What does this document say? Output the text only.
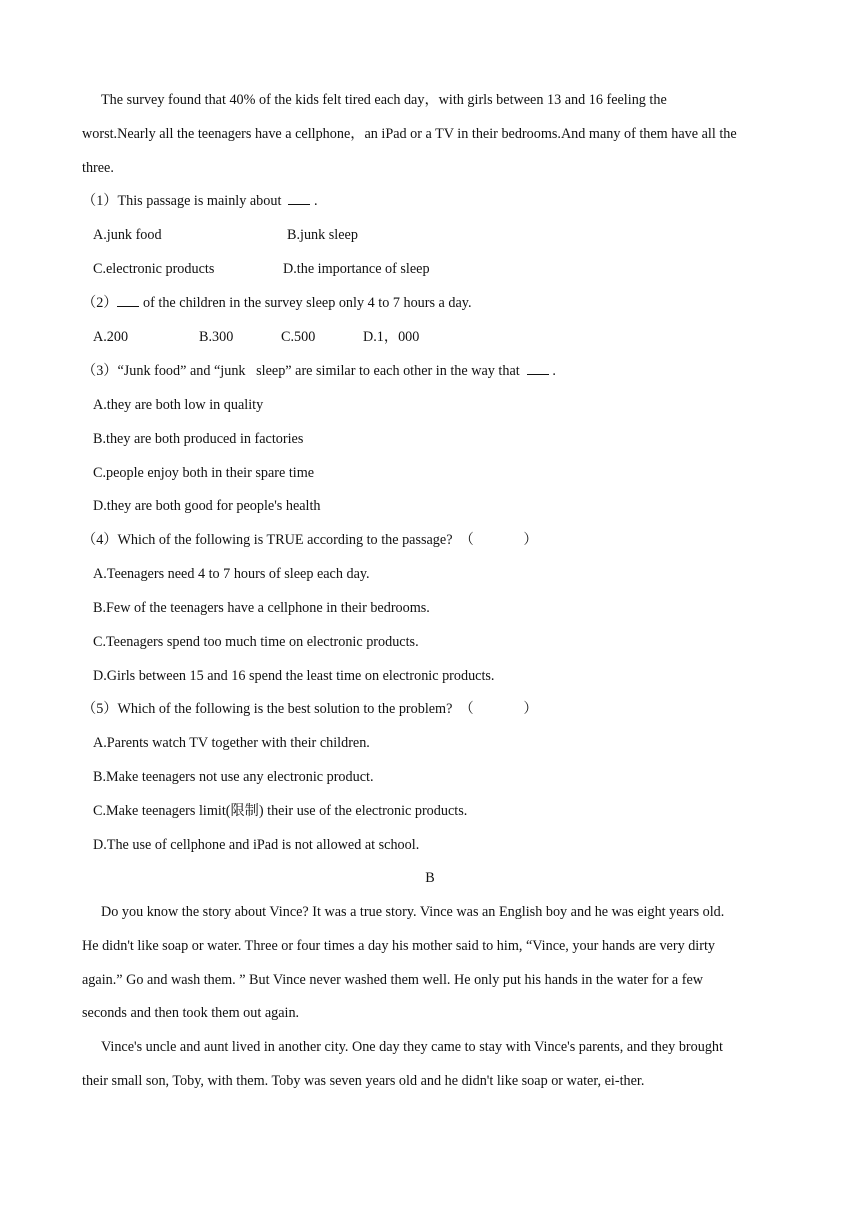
The survey found that 40% of the kids felt tired each day，with girls between 13 and 16 feeling the
worst.Nearly all the teenagers have a cellphone，an iPad or a TV in their bedrooms.And many of them have all the
three.
（1）This passage is mainly about .
A.junk food	B.junk sleep
C.electronic products	D.the importance of sleep
（2） of the children in the survey sleep only 4 to 7 hours a day.
A.200	B.300	C.500	D.1，000
（3）“Junk food” and “junk   sleep” are similar to each other in the way that .
A.they are both low in quality
B.they are both produced in factories
C.people enjoy both in their spare time
D.they are both good for people's health
（4）Which of the following is TRUE according to the passage?  （              ）
A.Teenagers need 4 to 7 hours of sleep each day.
B.Few of the teenagers have a cellphone in their bedrooms.
C.Teenagers spend too much time on electronic products.
D.Girls between 15 and 16 spend the least time on electronic products.
（5）Which of the following is the best solution to the problem?  （              ）
A.Parents watch TV together with their children.
B.Make teenagers not use any electronic product.
C.Make teenagers limit(限制) their use of the electronic products.
D.The use of cellphone and iPad is not allowed at school.
B
Do you know the story about Vince? It was a true story. Vince was an English boy and he was eight years old.
He didn't like soap or water. Three or four times a day his mother said to him, “Vince, your hands are very dirty
again.” Go and wash them. ” But Vince never washed them well. He only put his hands in the water for a few
seconds and then took them out again.
Vince's uncle and aunt lived in another city. One day they came to stay with Vince's parents, and they brought
their small son, Toby, with them. Toby was seven years old and he didn't like soap or water, ei-ther.
